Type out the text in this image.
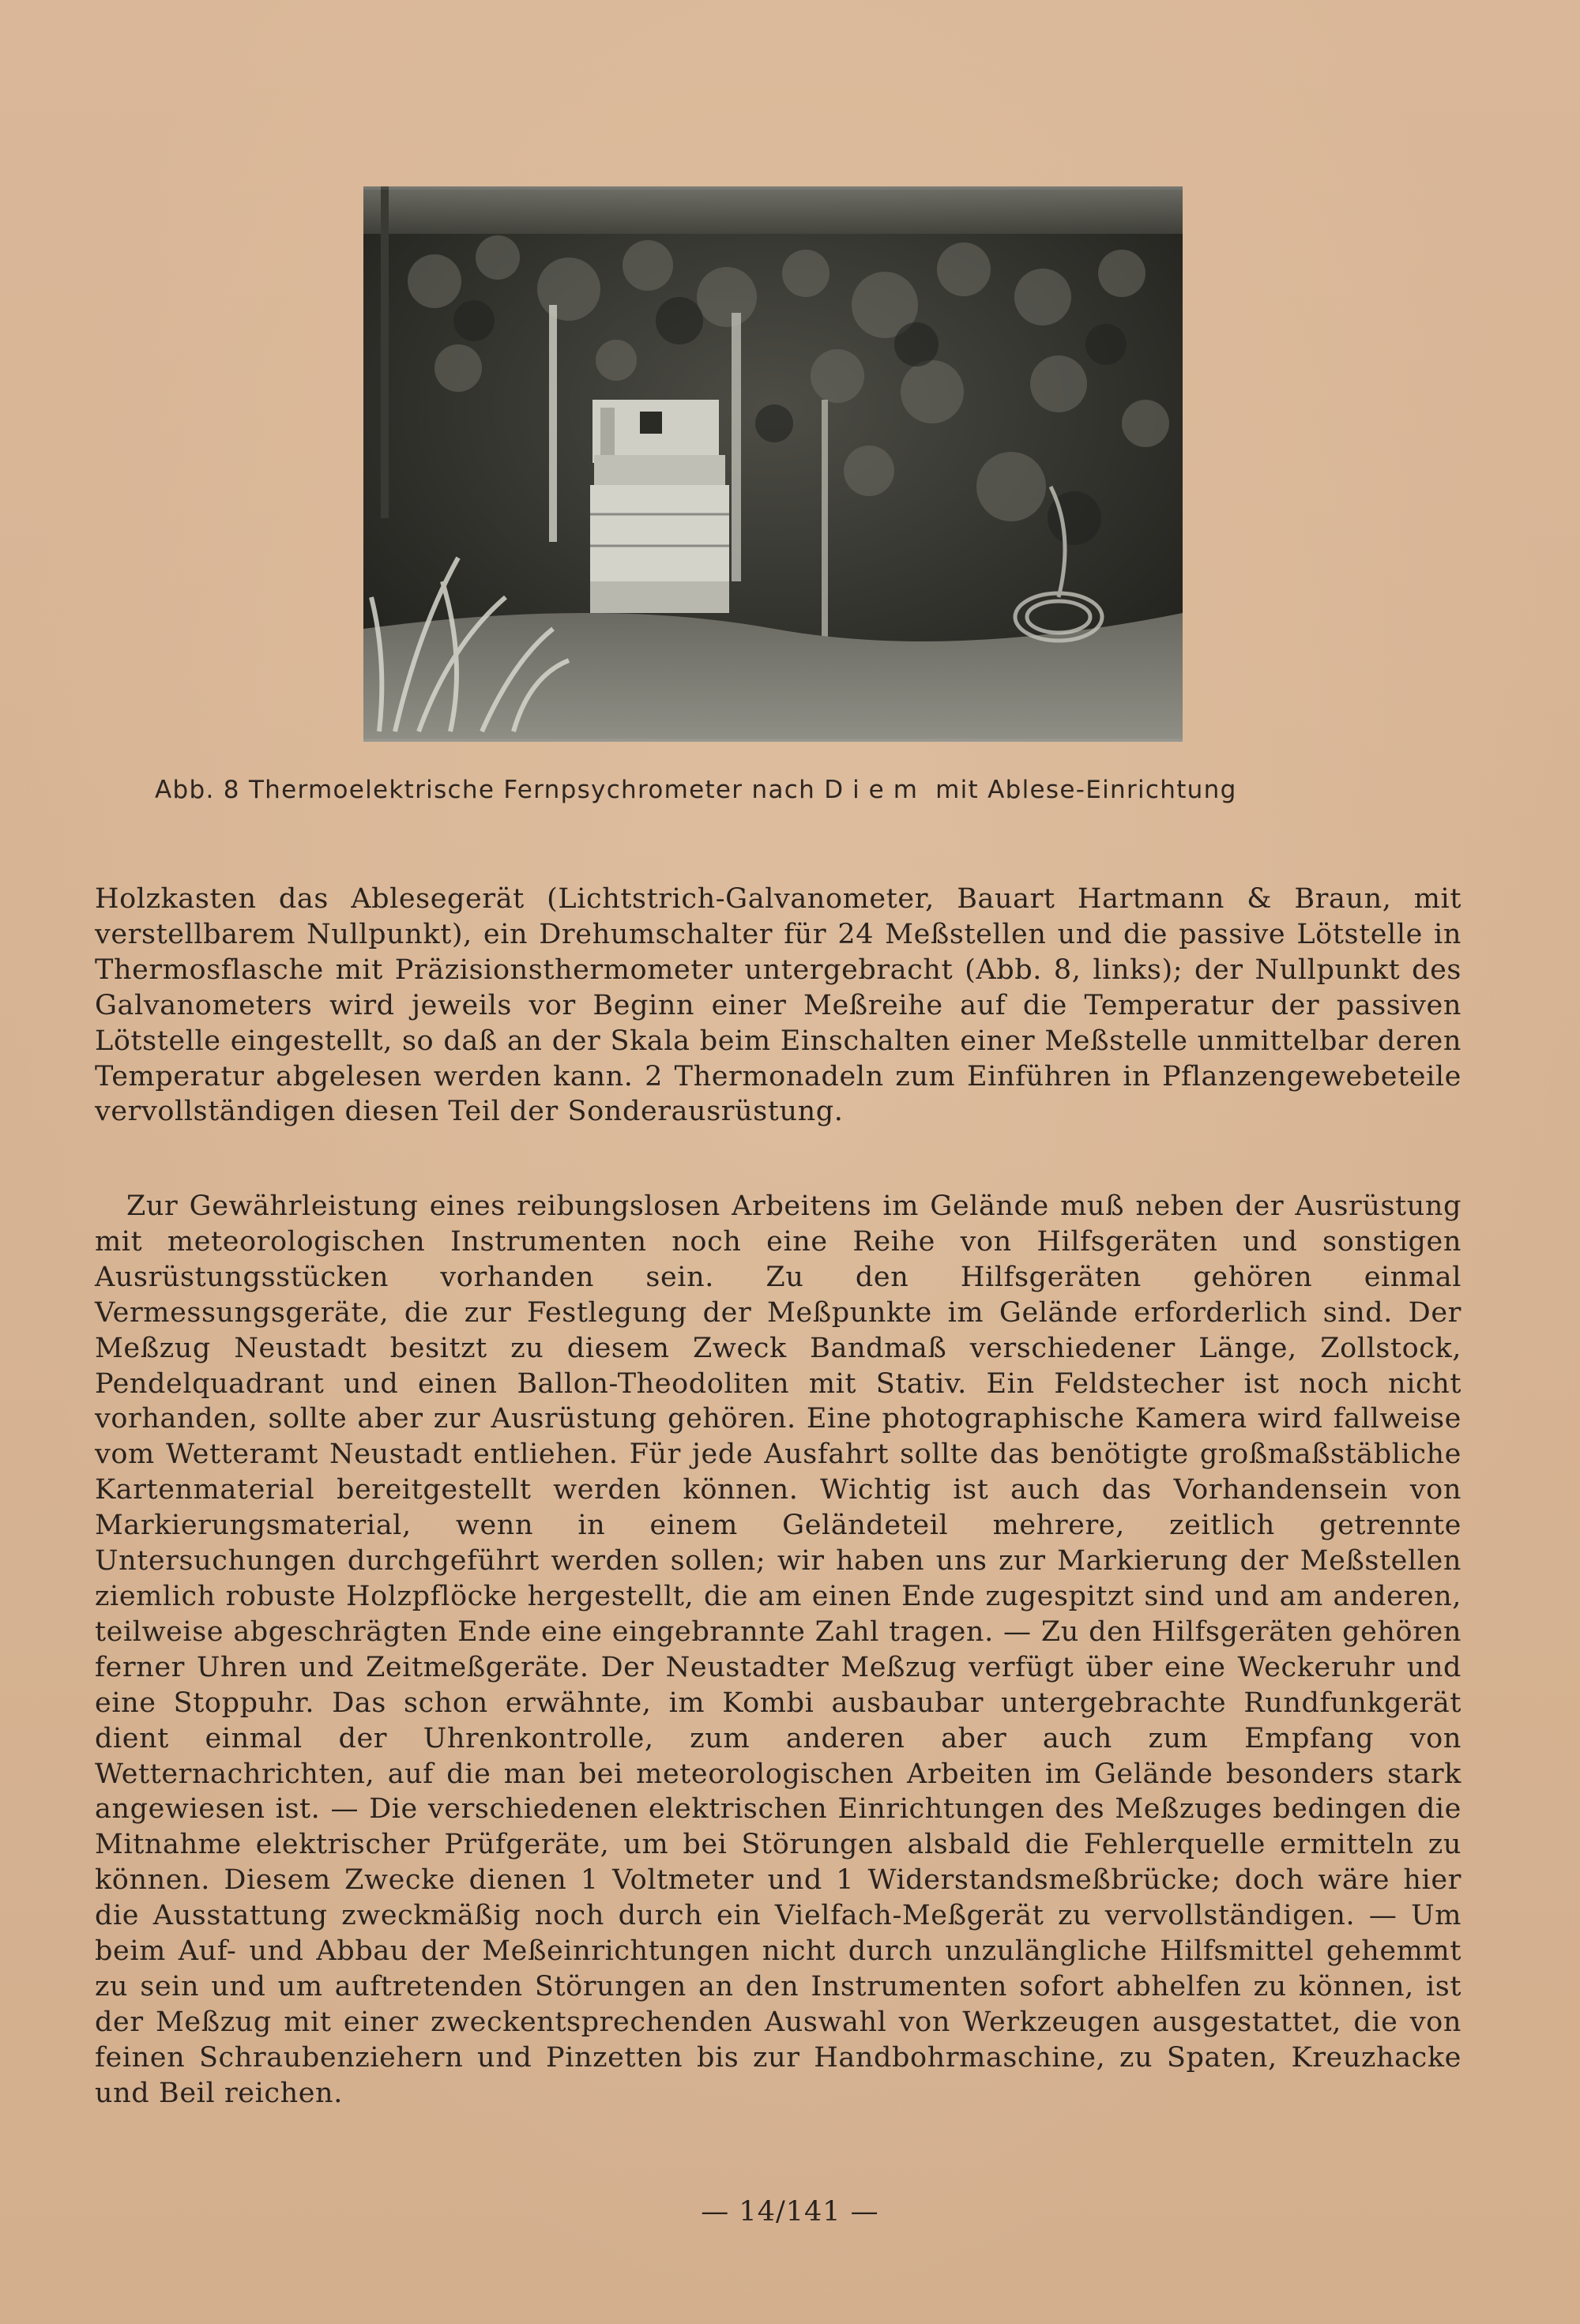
Abb. 8 Thermoelektrische Fernpsychrometer nach Diem mit Ablese-Einrichtung
Holzkasten das Ablesegerät (Lichtstrich-Galvanometer, Bauart Hartmann & Braun, mit verstellbarem Nullpunkt), ein Drehumschalter für 24 Meßstellen und die passive Lötstelle in Thermosflasche mit Präzisionsthermometer untergebracht (Abb. 8, links); der Nullpunkt des Galvanometers wird jeweils vor Beginn einer Meßreihe auf die Temperatur der passiven Lötstelle eingestellt, so daß an der Skala beim Einschalten einer Meßstelle unmittelbar deren Temperatur abgelesen werden kann. 2 Thermonadeln zum Einführen in Pflanzengewebeteile vervollständigen diesen Teil der Sonderausrüstung.
Zur Gewährleistung eines reibungslosen Arbeitens im Gelände muß neben der Ausrüstung mit meteorologischen Instrumenten noch eine Reihe von Hilfsgeräten und sonstigen Ausrüstungsstücken vorhanden sein. Zu den Hilfsgeräten gehören einmal Vermessungsgeräte, die zur Festlegung der Meßpunkte im Gelände erforderlich sind. Der Meßzug Neustadt besitzt zu diesem Zweck Bandmaß verschiedener Länge, Zollstock, Pendelquadrant und einen Ballon-Theodoliten mit Stativ. Ein Feldstecher ist noch nicht vorhanden, sollte aber zur Ausrüstung gehören. Eine photographische Kamera wird fallweise vom Wetteramt Neustadt entliehen. Für jede Ausfahrt sollte das benötigte großmaßstäbliche Kartenmaterial bereitgestellt werden können. Wichtig ist auch das Vorhandensein von Markierungsmaterial, wenn in einem Geländeteil mehrere, zeitlich getrennte Untersuchungen durchgeführt werden sollen; wir haben uns zur Markierung der Meßstellen ziemlich robuste Holzpflöcke hergestellt, die am einen Ende zugespitzt sind und am anderen, teilweise abgeschrägten Ende eine eingebrannte Zahl tragen. — Zu den Hilfsgeräten gehören ferner Uhren und Zeitmeßgeräte. Der Neustadter Meßzug verfügt über eine Weckeruhr und eine Stoppuhr. Das schon erwähnte, im Kombi ausbaubar untergebrachte Rundfunkgerät dient einmal der Uhrenkontrolle, zum anderen aber auch zum Empfang von Wetternachrichten, auf die man bei meteorologischen Arbeiten im Gelände besonders stark angewiesen ist. — Die verschiedenen elektrischen Einrichtungen des Meßzuges bedingen die Mitnahme elektrischer Prüfgeräte, um bei Störungen alsbald die Fehlerquelle ermitteln zu können. Diesem Zwecke dienen 1 Voltmeter und 1 Widerstandsmeßbrücke; doch wäre hier die Ausstattung zweckmäßig noch durch ein Vielfach-Meßgerät zu vervollständigen. — Um beim Auf- und Abbau der Meßeinrichtungen nicht durch unzulängliche Hilfsmittel gehemmt zu sein und um auftretenden Störungen an den Instrumenten sofort abhelfen zu können, ist der Meßzug mit einer zweckentsprechenden Auswahl von Werkzeugen ausgestattet, die von feinen Schraubenziehern und Pinzetten bis zur Handbohrmaschine, zu Spaten, Kreuzhacke und Beil reichen.
— 14/141 —
